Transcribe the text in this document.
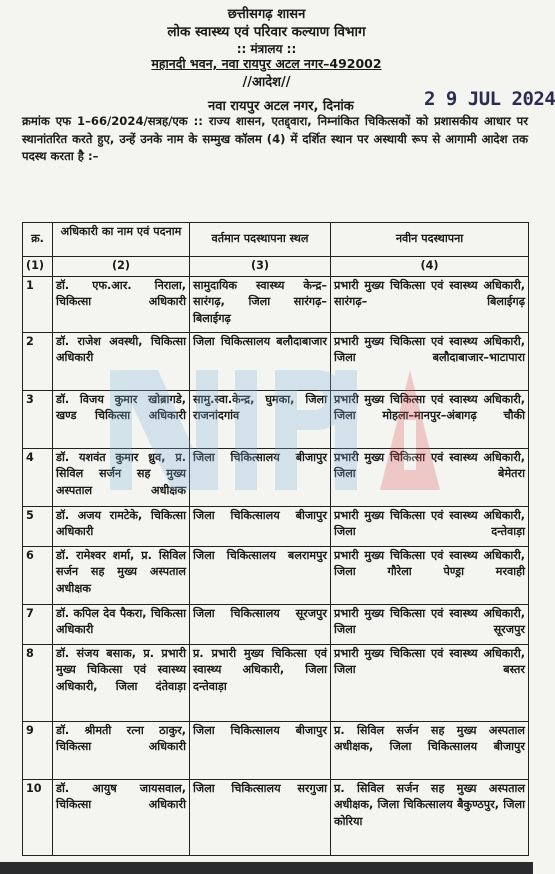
छत्तीसगढ़ शासन
लोक स्वास्थ्य एवं परिवार कल्याण विभाग
:: मंत्रालय ::
महानदी भवन, नवा रायपुर अटल नगर–492002
//आदेश//
नवा रायपुर अटल नगर, दिनांक	2 9 JUL 2024
क्रमांक एफ 1–66/2024/सत्रह/एक :: राज्य शासन, एतद्द्वारा, निम्नांकित चिकित्सकों को प्रशासकीय आधार पर स्थानांतरित करते हुए, उन्हें उनके नाम के सम्मुख कॉलम (4) में दर्शित स्थान पर अस्थायी रूप से आगामी आदेश तक पदस्थ करता है :–
क्र.	अधिकारी का नाम एवं पदनाम	वर्तमान पदस्थापना स्थल	नवीन पदस्थापना
(1)	(2)	(3)	(4)
1	डॉ. एफ.आर. निराला, चिकित्सा अधिकारी	सामुदायिक स्वास्थ्य केन्द्र–सारंगढ़, जिला सारंगढ़– बिलाईगढ़	प्रभारी मुख्य चिकित्सा एवं स्वास्थ्य अधिकारी, सारंगढ़– बिलाईगढ़
2	डॉ. राजेश अवस्थी, चिकित्सा अधिकारी	जिला चिकित्सालय बलौदाबाजार	प्रभारी मुख्य चिकित्सा एवं स्वास्थ्य अधिकारी, जिला बलौदाबाजार–भाटापारा
3	डॉ. विजय कुमार खोब्रागडे, खण्ड चिकित्सा अधिकारी	सामु.स्वा.केन्द्र, घुमका, जिला राजनांदगांव	प्रभारी मुख्य चिकित्सा एवं स्वास्थ्य अधिकारी, जिला मोहला–मानपुर–अंबागढ़ चौकी
4	डॉ. यशवंत कुमार ध्रुव, प्र. सिविल सर्जन सह मुख्य अस्पताल अधीक्षक	जिला चिकित्सालय बीजापुर	प्रभारी मुख्य चिकित्सा एवं स्वास्थ्य अधिकारी, जिला बेमेतरा
5	डॉ. अजय रामटेके, चिकित्सा अधिकारी	जिला चिकित्सालय बीजापुर	प्रभारी मुख्य चिकित्सा एवं स्वास्थ्य अधिकारी, जिला दन्तेवाड़ा
6	डॉ. रामेश्वर शर्मा, प्र. सिविल सर्जन सह मुख्य अस्पताल अधीक्षक	जिला चिकित्सालय बलरामपुर	प्रभारी मुख्य चिकित्सा एवं स्वास्थ्य अधिकारी, जिला गौरेला पेण्ड्रा मरवाही
7	डॉ. कपिल देव पैकरा, चिकित्सा अधिकारी	जिला चिकित्सालय सूरजपुर	प्रभारी मुख्य चिकित्सा एवं स्वास्थ्य अधिकारी, जिला सूरजपुर
8	डॉ. संजय बसाक, प्र. प्रभारी मुख्य चिकित्सा एवं स्वास्थ्य अधिकारी, जिला दंतेवाड़ा	प्र. प्रभारी मुख्य चिकित्सा एवं स्वास्थ्य अधिकारी, जिला दन्तेवाड़ा	प्रभारी मुख्य चिकित्सा एवं स्वास्थ्य अधिकारी, जिला बस्तर
9	डॉ. श्रीमती रत्ना ठाकुर, चिकित्सा अधिकारी	जिला चिकित्सालय बीजापुर	प्र. सिविल सर्जन सह मुख्य अस्पताल अधीक्षक, जिला चिकित्सालय बीजापुर
10	डॉ. आयुष जायसवाल, चिकित्सा अधिकारी	जिला चिकित्सालय सरगुजा	प्र. सिविल सर्जन सह मुख्य अस्पताल अधीक्षक, जिला चिकित्सालय बैकुण्ठपुर, जिला कोरिया
